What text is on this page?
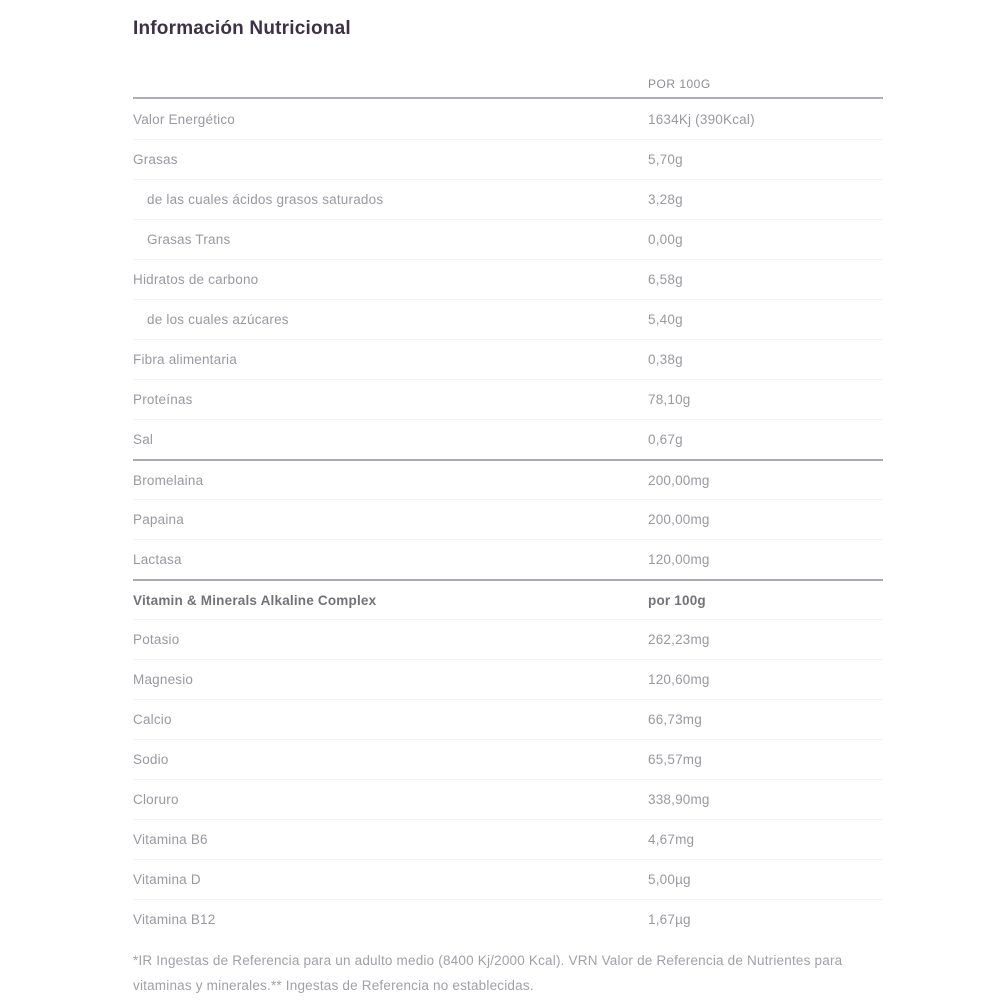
Información Nutricional
POR 100G
Valor Energético	1634Kj (390Kcal)
Grasas	5,70g
de las cuales ácidos grasos saturados	3,28g
Grasas Trans	0,00g
Hidratos de carbono	6,58g
de los cuales azúcares	5,40g
Fibra alimentaria	0,38g
Proteínas	78,10g
Sal	0,67g
Bromelaina	200,00mg
Papaina	200,00mg
Lactasa	120,00mg
Vitamin & Minerals Alkaline Complex	por 100g
Potasio	262,23mg
Magnesio	120,60mg
Calcio	66,73mg
Sodio	65,57mg
Cloruro	338,90mg
Vitamina B6	4,67mg
Vitamina D	5,00µg
Vitamina B12	1,67µg

*IR Ingestas de Referencia para un adulto medio (8400 Kj/2000 Kcal). VRN Valor de Referencia de Nutrientes para vitaminas y minerales.** Ingestas de Referencia no establecidas.
